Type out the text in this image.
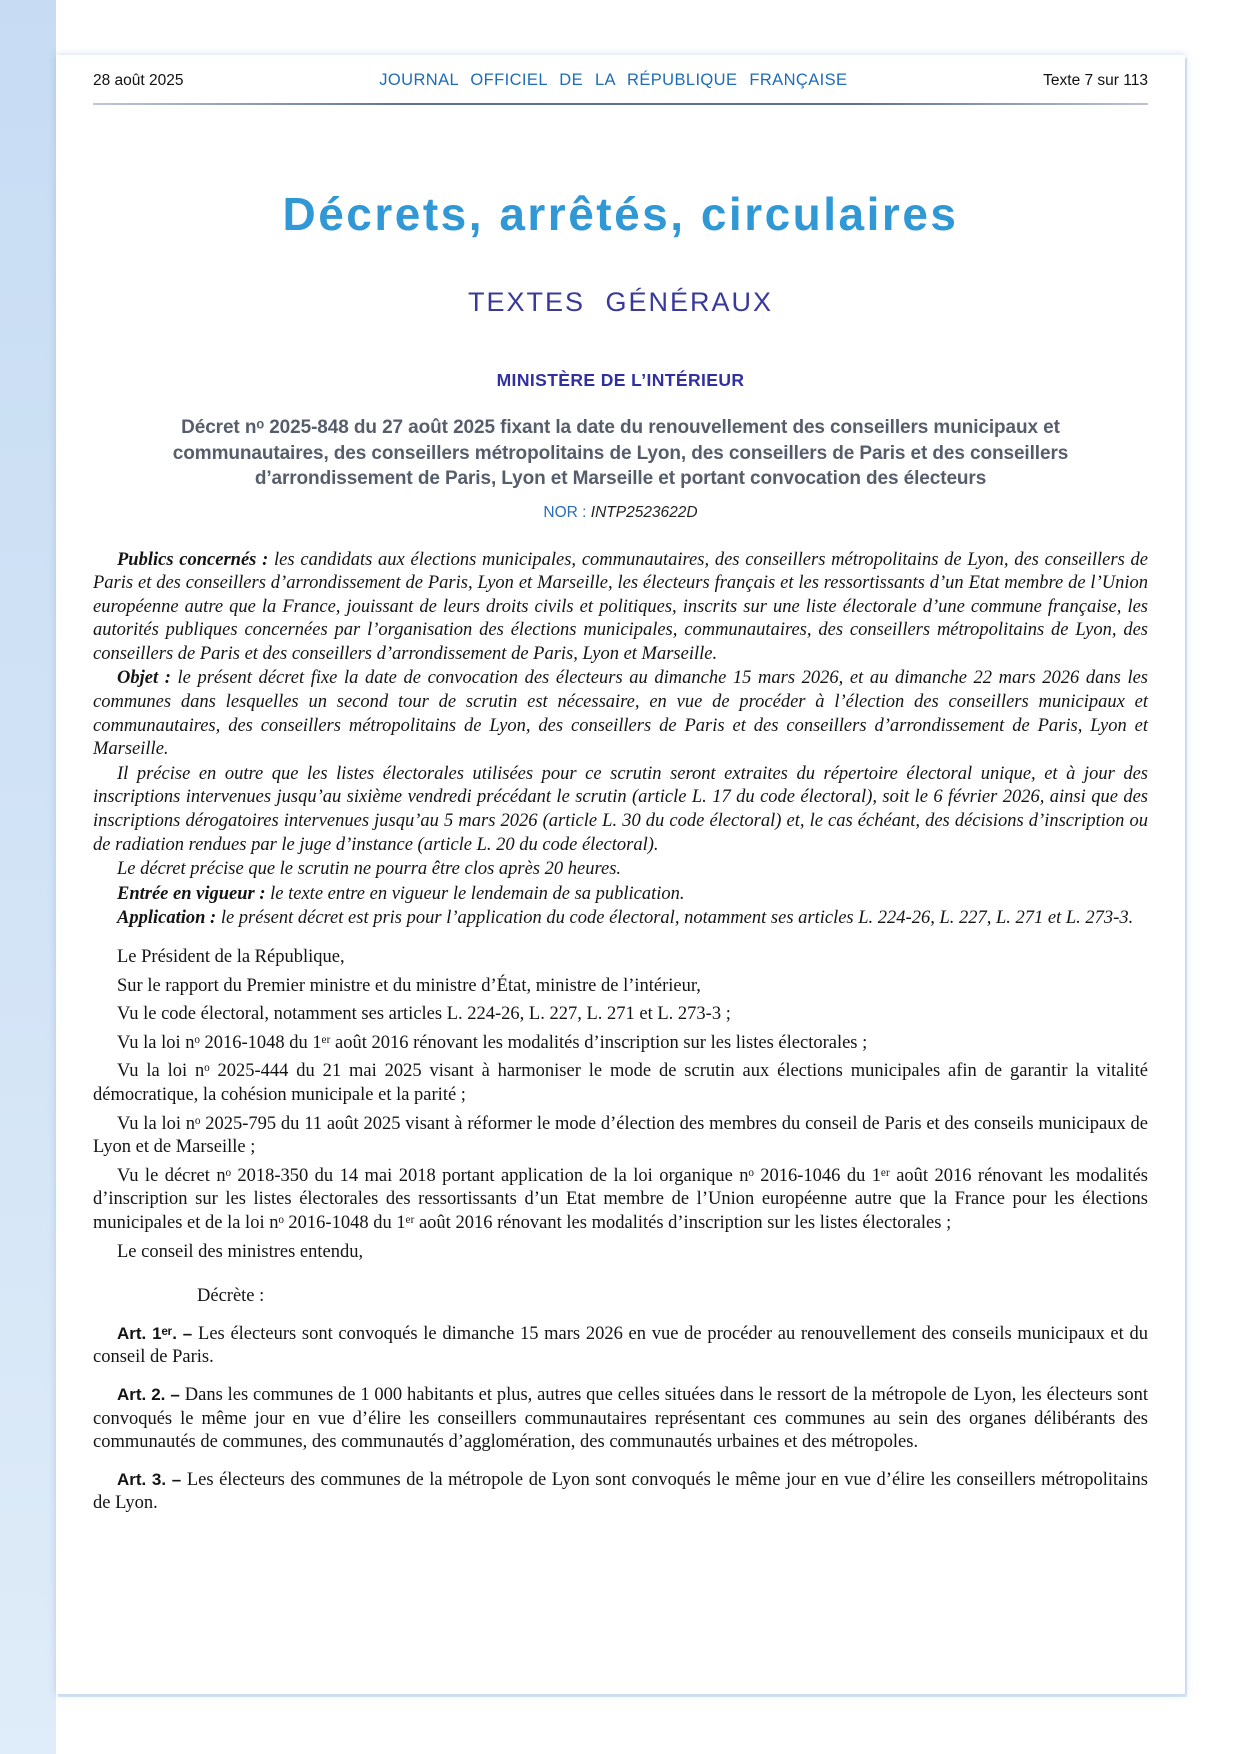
28 août 2025	JOURNAL OFFICIEL DE LA RÉPUBLIQUE FRANÇAISE	Texte 7 sur 113
Décrets, arrêtés, circulaires
TEXTES GÉNÉRAUX
MINISTÈRE DE L’INTÉRIEUR

Décret nᵒ 2025-848 du 27 août 2025 fixant la date du renouvellement des conseillers municipaux et communautaires, des conseillers métropolitains de Lyon, des conseillers de Paris et des conseillers d’arrondissement de Paris, Lyon et Marseille et portant convocation des électeurs

NOR : INTP2523622D

Publics concernés : les candidats aux élections municipales, communautaires, des conseillers métropolitains de Lyon, des conseillers de Paris et des conseillers d’arrondissement de Paris, Lyon et Marseille, les électeurs français et les ressortissants d’un Etat membre de l’Union européenne autre que la France, jouissant de leurs droits civils et politiques, inscrits sur une liste électorale d’une commune française, les autorités publiques concernées par l’organisation des élections municipales, communautaires, des conseillers métropolitains de Lyon, des conseillers de Paris et des conseillers d’arrondissement de Paris, Lyon et Marseille.

Objet : le présent décret fixe la date de convocation des électeurs au dimanche 15 mars 2026, et au dimanche 22 mars 2026 dans les communes dans lesquelles un second tour de scrutin est nécessaire, en vue de procéder à l’élection des conseillers municipaux et communautaires, des conseillers métropolitains de Lyon, des conseillers de Paris et des conseillers d’arrondissement de Paris, Lyon et Marseille.

Il précise en outre que les listes électorales utilisées pour ce scrutin seront extraites du répertoire électoral unique, et à jour des inscriptions intervenues jusqu’au sixième vendredi précédant le scrutin (article L. 17 du code électoral), soit le 6 février 2026, ainsi que des inscriptions dérogatoires intervenues jusqu’au 5 mars 2026 (article L. 30 du code électoral) et, le cas échéant, des décisions d’inscription ou de radiation rendues par le juge d’instance (article L. 20 du code électoral).

Le décret précise que le scrutin ne pourra être clos après 20 heures.

Entrée en vigueur : le texte entre en vigueur le lendemain de sa publication.

Application : le présent décret est pris pour l’application du code électoral, notamment ses articles L. 224-26, L. 227, L. 271 et L. 273-3.

Le Président de la République,

Sur le rapport du Premier ministre et du ministre d’État, ministre de l’intérieur,

Vu le code électoral, notamment ses articles L. 224-26, L. 227, L. 271 et L. 273-3 ;

Vu la loi nᵒ 2016-1048 du 1ᵉʳ août 2016 rénovant les modalités d’inscription sur les listes électorales ;

Vu la loi nᵒ 2025-444 du 21 mai 2025 visant à harmoniser le mode de scrutin aux élections municipales afin de garantir la vitalité démocratique, la cohésion municipale et la parité ;

Vu la loi nᵒ 2025-795 du 11 août 2025 visant à réformer le mode d’élection des membres du conseil de Paris et des conseils municipaux de Lyon et de Marseille ;

Vu le décret nᵒ 2018-350 du 14 mai 2018 portant application de la loi organique nᵒ 2016-1046 du 1ᵉʳ août 2016 rénovant les modalités d’inscription sur les listes électorales des ressortissants d’un Etat membre de l’Union européenne autre que la France pour les élections municipales et de la loi nᵒ 2016-1048 du 1ᵉʳ août 2016 rénovant les modalités d’inscription sur les listes électorales ;

Le conseil des ministres entendu,

Décrète :

Art. 1ᵉʳ. – Les électeurs sont convoqués le dimanche 15 mars 2026 en vue de procéder au renouvellement des conseils municipaux et du conseil de Paris.

Art. 2. – Dans les communes de 1 000 habitants et plus, autres que celles situées dans le ressort de la métropole de Lyon, les électeurs sont convoqués le même jour en vue d’élire les conseillers communautaires représentant ces communes au sein des organes délibérants des communautés de communes, des communautés d’agglomération, des communautés urbaines et des métropoles.

Art. 3. – Les électeurs des communes de la métropole de Lyon sont convoqués le même jour en vue d’élire les conseillers métropolitains de Lyon.
